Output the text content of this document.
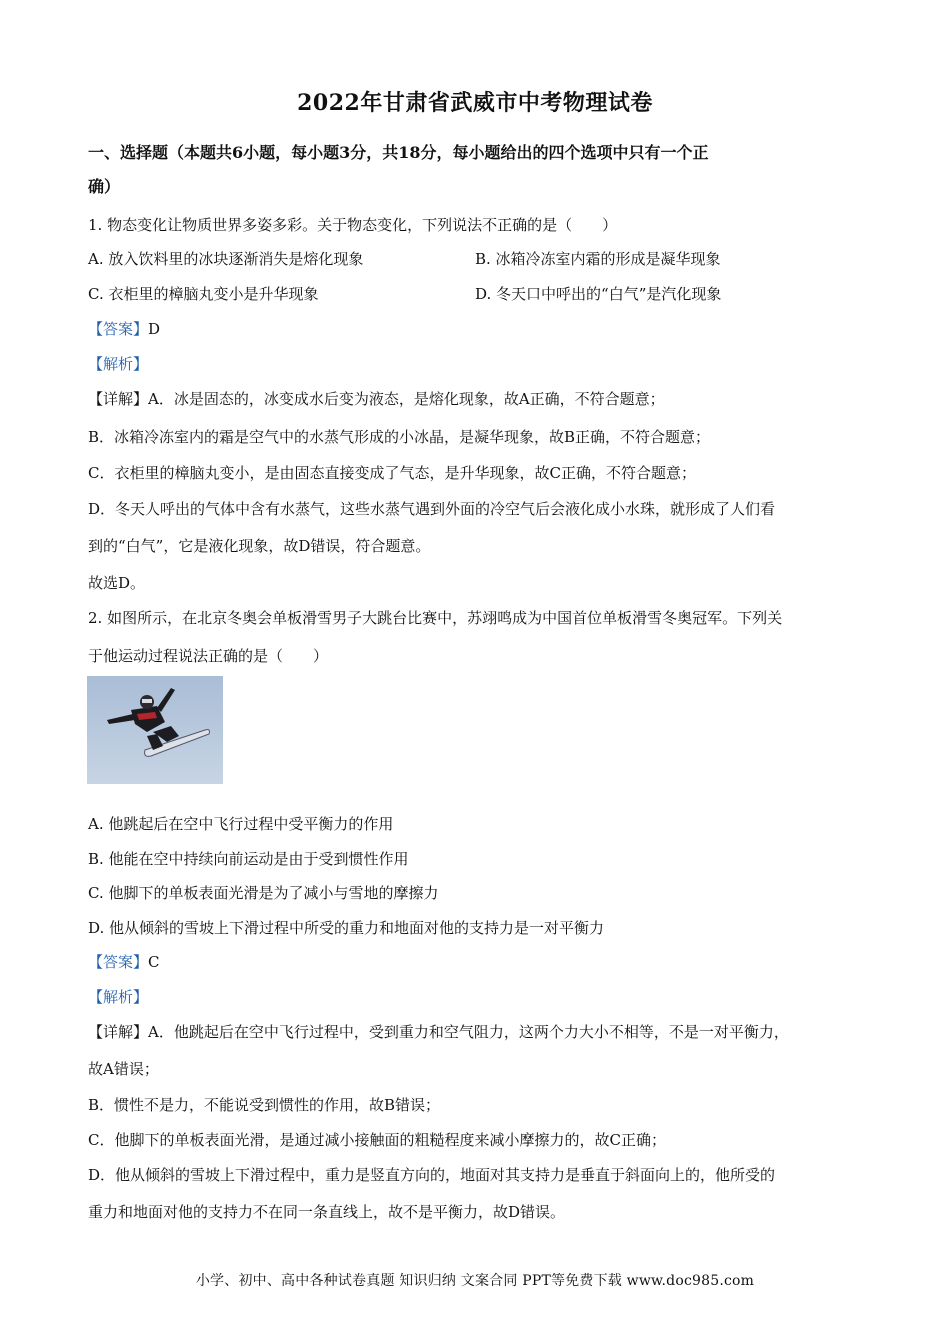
2022年甘肃省武威市中考物理试卷
一、选择题（本题共6小题，每小题3分，共18分，每小题给出的四个选项中只有一个正
确）
1. 物态变化让物质世界多姿多彩。关于物态变化，下列说法不正确的是（　　）
A. 放入饮料里的冰块逐渐消失是熔化现象	B. 冰箱冷冻室内霜的形成是凝华现象
C. 衣柜里的樟脑丸变小是升华现象	D. 冬天口中呼出的“白气”是汽化现象
【答案】D
【解析】
【详解】A．冰是固态的，冰变成水后变为液态，是熔化现象，故A正确，不符合题意；
B．冰箱冷冻室内的霜是空气中的水蒸气形成的小冰晶，是凝华现象，故B正确，不符合题意；
C．衣柜里的樟脑丸变小，是由固态直接变成了气态，是升华现象，故C正确，不符合题意；
D．冬天人呼出的气体中含有水蒸气，这些水蒸气遇到外面的冷空气后会液化成小水珠，就形成了人们看
到的“白气”，它是液化现象，故D错误，符合题意。
故选D。
2. 如图所示，在北京冬奥会单板滑雪男子大跳台比赛中，苏翊鸣成为中国首位单板滑雪冬奥冠军。下列关
于他运动过程说法正确的是（　　）
A. 他跳起后在空中飞行过程中受平衡力的作用
B. 他能在空中持续向前运动是由于受到惯性作用
C. 他脚下的单板表面光滑是为了减小与雪地的摩擦力
D. 他从倾斜的雪坡上下滑过程中所受的重力和地面对他的支持力是一对平衡力
【答案】C
【解析】
【详解】A．他跳起后在空中飞行过程中，受到重力和空气阻力，这两个力大小不相等，不是一对平衡力，
故A错误；
B．惯性不是力，不能说受到惯性的作用，故B错误；
C．他脚下的单板表面光滑，是通过减小接触面的粗糙程度来减小摩擦力的，故C正确；
D．他从倾斜的雪坡上下滑过程中，重力是竖直方向的，地面对其支持力是垂直于斜面向上的，他所受的
重力和地面对他的支持力不在同一条直线上，故不是平衡力，故D错误。
小学、初中、高中各种试卷真题 知识归纳 文案合同 PPT等免费下载 www.doc985.com
